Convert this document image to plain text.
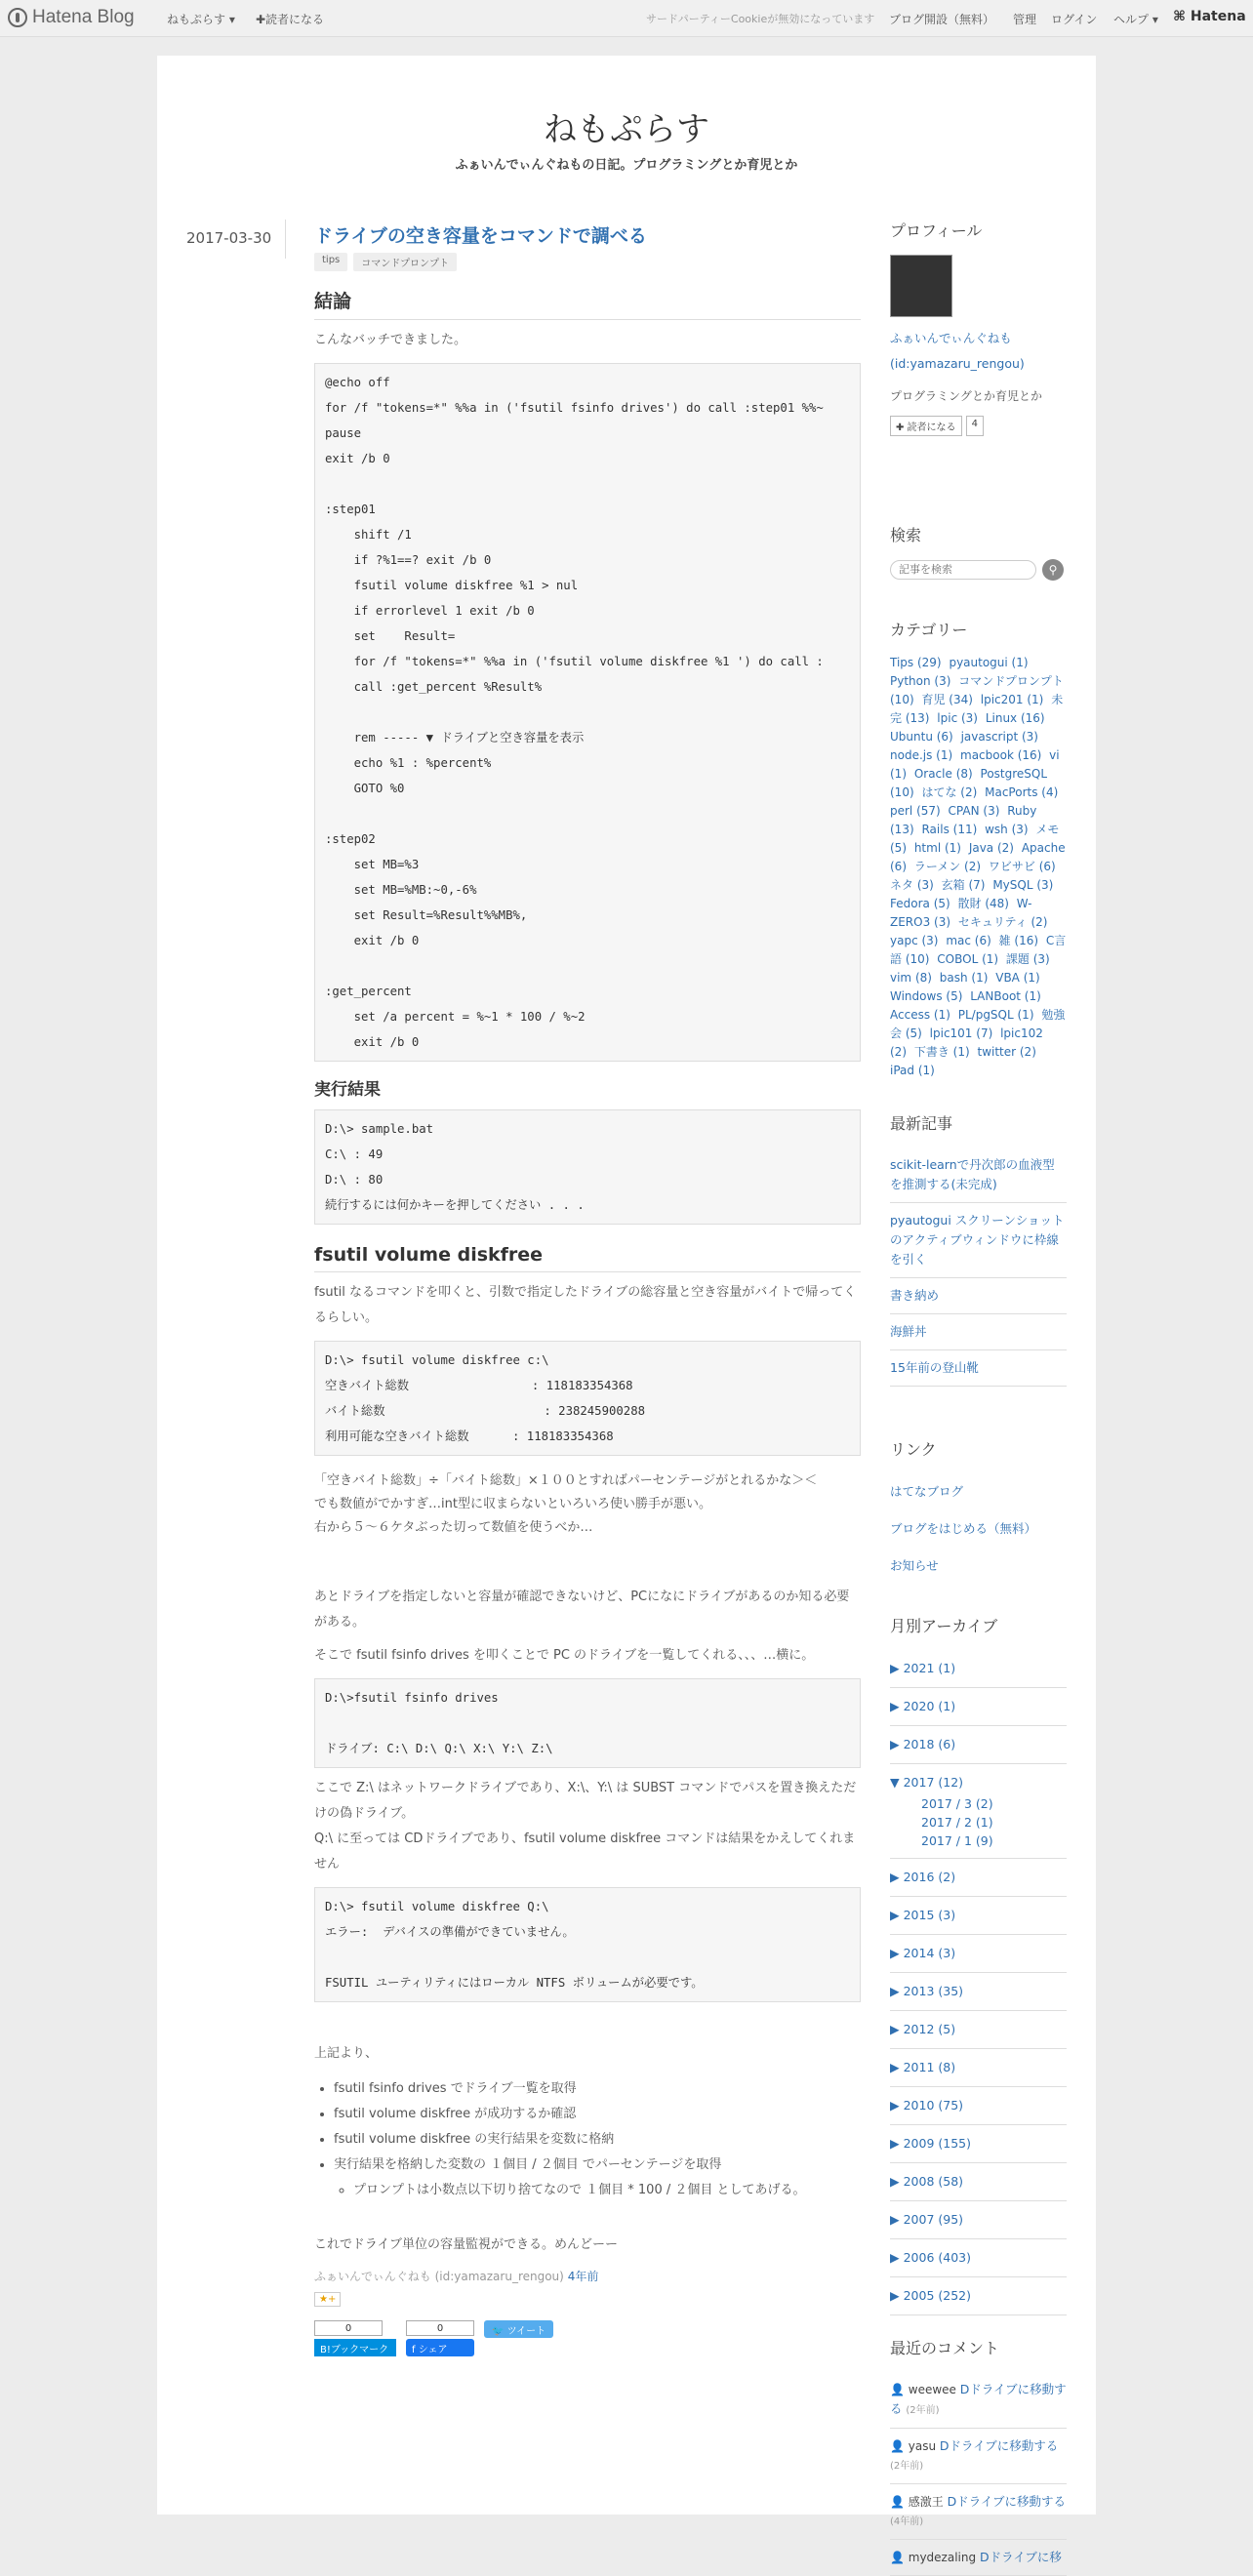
Hatena Blog	ねもぷらす ▾ ✚読者になる	サードパーティーCookieが無効になっています ブログ開設（無料） 管理 ログイン ヘルプ ▾ ⌘ Hatena
ねもぷらす
ふぁいんでぃんぐねもの日記。プログラミングとか育児とか
2017-03-30 ドライブの空き容量をコマンドで調べる
tips	コマンドプロンプト
結論

こんなバッチできました。

@echo off
for /f "tokens=*" %%a in ('fsutil fsinfo drives') do call :step01 %%~
pause
exit /b 0

:step01
shift /1
if ?%1==? exit /b 0
fsutil volume diskfree %1 > nul
if errorlevel 1 exit /b 0
set    Result=
for /f "tokens=*" %%a in ('fsutil volume diskfree %1 ') do call :
call :get_percent %Result%

rem ----- ▼ ドライブと空き容量を表示
echo %1 : %percent%
GOTO %0

:step02
set MB=%3
set MB=%MB:~0,-6%
set Result=%Result%%MB%,
exit /b 0

:get_percent
set /a percent = %~1 * 100 / %~2
exit /b 0
実行結果
D:\> sample.bat
C:\ : 49
D:\ : 80
続行するには何かキーを押してください . . .
fsutil volume diskfree

fsutil なるコマンドを叩くと、引数で指定したドライブの総容量と空き容量がバイトで帰ってくるらしい。

D:\> fsutil volume diskfree c:\
空きバイト総数                 : 118183354368
バイト総数                      : 238245900288
利用可能な空きバイト総数      : 118183354368

「空きバイト総数」÷「バイト総数」×１００とすればパーセンテージがとれるかな＞＜
でも数値がでかすぎ…int型に収まらないといろいろ使い勝手が悪い。
右から５～６ケタぶった切って数値を使うべか…

あとドライブを指定しないと容量が確認できないけど、PCになにドライブがあるのか知る必要がある。

そこで fsutil fsinfo drives を叩くことで PC のドライブを一覧してくれる、、、…横に。

D:\>fsutil fsinfo drives

ドライブ: C:\ D:\ Q:\ X:\ Y:\ Z:\

ここで Z:\ はネットワークドライブであり、X:\、Y:\ は SUBST コマンドでパスを置き換えただけの偽ドライブ。
Q:\ に至っては CDドライブであり、fsutil volume diskfree コマンドは結果をかえしてくれません

D:\> fsutil volume diskfree Q:\
エラー:  デバイスの準備ができていません。

FSUTIL ユーティリティにはローカル NTFS ボリュームが必要です。

上記より、

• fsutil fsinfo drives でドライブ一覧を取得
• fsutil volume diskfree が成功するか確認
• fsutil volume diskfree の実行結果を変数に格納
• 実行結果を格納した変数の １個目 / ２個目 でパーセンテージを取得
◦ プロンプトは小数点以下切り捨てなので １個目 * 100 / ２個目 としてあげる。

これでドライブ単位の容量監視ができる。めんどーー

ふぁいんでぃんぐねも (id:yamazaru_rengou) 4年前
★+
0
B!ブックマーク
0
f シェア
🐦 ツイート
プロフィール
ふぁいんでぃんぐねも
(id:yamazaru_rengou)
プログラミングとか育児とか
✚ 読者になる	4
検索
記事を検索
⚲
カテゴリー
Tips (29) pyautogui (1) Python (3) コマンドプロンプト (10) 育児 (34) lpic201 (1) 未完 (13) lpic (3) Linux (16) Ubuntu (6) javascript (3) node.js (1) macbook (16) vi (1) Oracle (8) PostgreSQL (10) はてな (2) MacPorts (4) perl (57) CPAN (3) Ruby (13) Rails (11) wsh (3) メモ (5) html (1) Java (2) Apache (6) ラーメン (2) ワビサビ (6) ネタ (3) 玄箱 (7) MySQL (3) Fedora (5) 散財 (48) W-ZERO3 (3) セキュリティ (2) yapc (3) mac (6) 雑 (16) C言語 (10) COBOL (1) 課題 (3) vim (8) bash (1) VBA (1) Windows (5) LANBoot (1) Access (1) PL/pgSQL (1) 勉強会 (5) lpic101 (7) lpic102 (2) 下書き (1) twitter (2) iPad (1)
最新記事
scikit-learnで丹次郎の血液型を推測する(未完成)
pyautogui スクリーンショットのアクティブウィンドウに枠線を引く
書き納め
海鮮丼
15年前の登山靴
リンク
はてなブログ
ブログをはじめる（無料）
お知らせ
月別アーカイブ
▶ 2021 (1)
▶ 2020 (1)
▶ 2018 (6)
▼ 2017 (12)
2017 / 3 (2)
2017 / 2 (1)
2017 / 1 (9)
▶ 2016 (2)
▶ 2015 (3)
▶ 2014 (3)
▶ 2013 (35)
▶ 2012 (5)
▶ 2011 (8)
▶ 2010 (75)
▶ 2009 (155)
▶ 2008 (58)
▶ 2007 (95)
▶ 2006 (403)
▶ 2005 (252)
最近のコメント
👤 weewee Dドライブに移動する (2年前)
👤 yasu Dドライブに移動する (2年前)
👤 感激王 Dドライブに移動する (4年前)
👤 mydezaling Dドライブに移
